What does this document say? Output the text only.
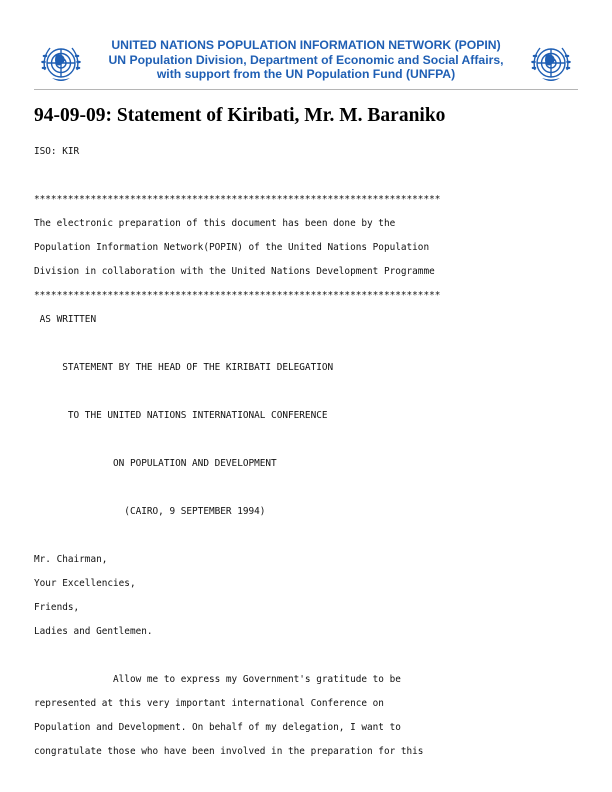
UNITED NATIONS POPULATION INFORMATION NETWORK (POPIN)
UN Population Division, Department of Economic and Social Affairs,
with support from the UN Population Fund (UNFPA)
94-09-09: Statement of Kiribati, Mr. M. Baraniko
ISO: KIR
************************************************************************
The electronic preparation of this document has been done by the
Population Information Network(POPIN) of the United Nations Population
Division in collaboration with the United Nations Development Programme
************************************************************************
AS WRITTEN
STATEMENT BY THE HEAD OF THE KIRIBATI DELEGATION
TO THE UNITED NATIONS INTERNATIONAL CONFERENCE
ON POPULATION AND DEVELOPMENT
(CAIRO, 9 SEPTEMBER 1994)
Mr. Chairman,
Your Excellencies,
Friends,
Ladies and Gentlemen.
Allow me to express my Government's gratitude to be
represented at this very important international Conference on
Population and Development. On behalf of my delegation, I want to
congratulate those who have been involved in the preparation for this
